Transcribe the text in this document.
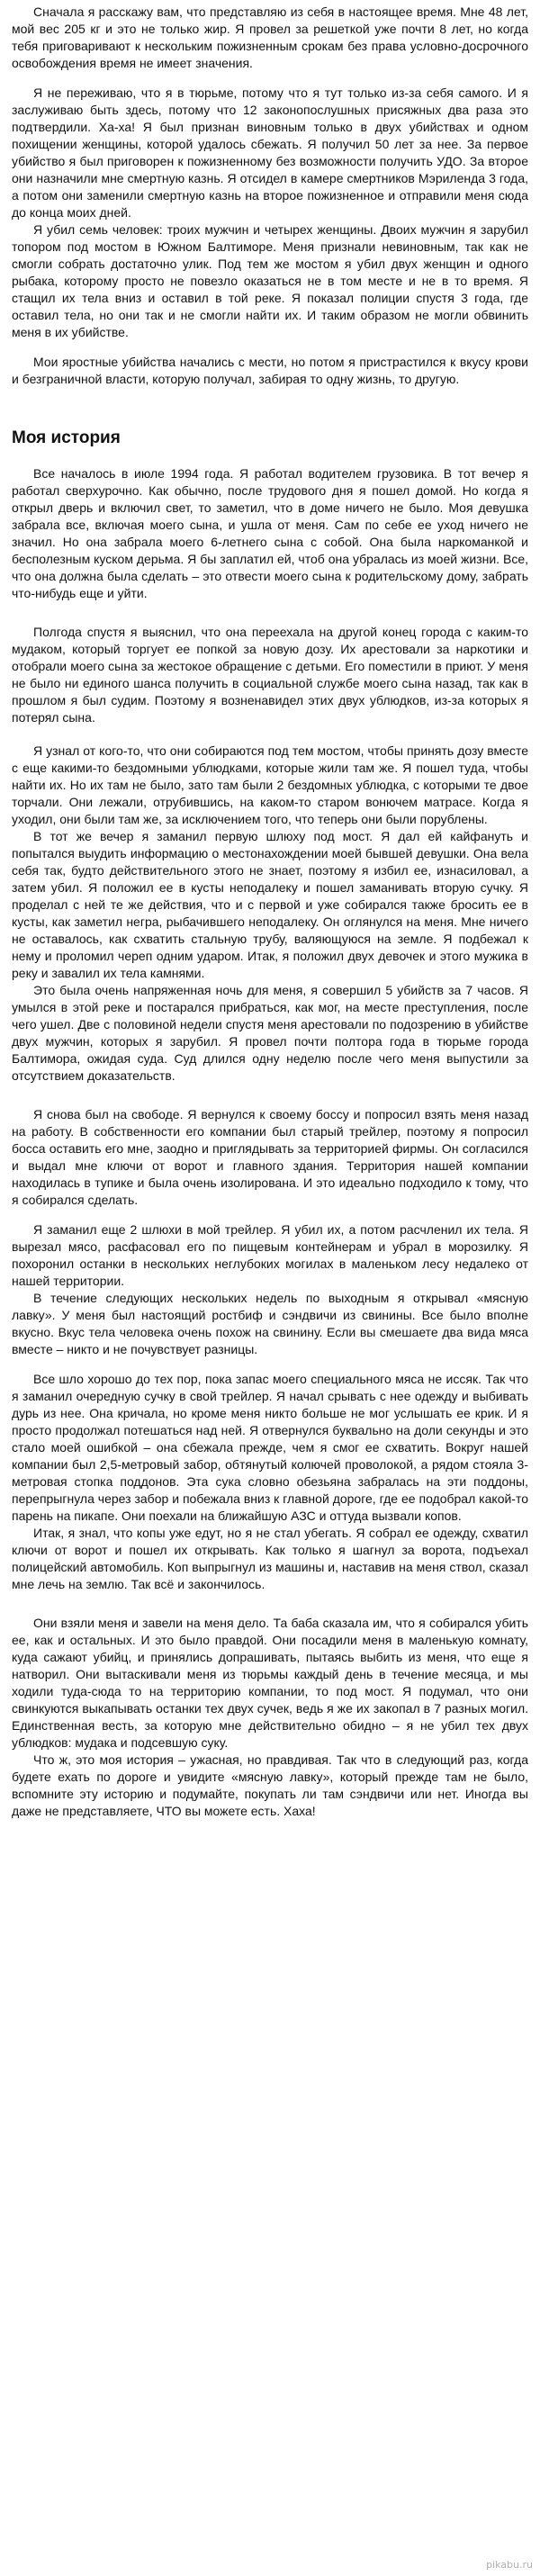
Сначала я расскажу вам, что представляю из себя в настоящее время. Мне 48 лет, мой вес 205 кг и это не только жир. Я провел за решеткой уже почти 8 лет, но когда тебя приговаривают к нескольким пожизненным срокам без права условно-досрочного освобождения время не имеет значения.

Я не переживаю, что я в тюрьме, потому что я тут только из-за себя самого. И я заслуживаю быть здесь, потому что 12 законопослушных присяжных два раза это подтвердили. Ха-ха! Я был признан виновным только в двух убийствах и одном похищении женщины, которой удалось сбежать. Я получил 50 лет за нее. За первое убийство я был приговорен к пожизненному без возможности получить УДО. За второе они назначили мне смертную казнь. Я отсидел в камере смертников Мэриленда 3 года, а потом они заменили смертную казнь на второе пожизненное и отправили меня сюда до конца моих дней.

Я убил семь человек: троих мужчин и четырех женщины. Двоих мужчин я зарубил топором под мостом в Южном Балтиморе. Меня признали невиновным, так как не смогли собрать достаточно улик. Под тем же мостом я убил двух женщин и одного рыбака, которому просто не повезло оказаться не в том месте и не в то время. Я стащил их тела вниз и оставил в той реке. Я показал полиции спустя 3 года, где оставил тела, но они так и не смогли найти их. И таким образом не могли обвинить меня в их убийстве.

Мои яростные убийства начались с мести, но потом я пристрастился к вкусу крови и безграничной власти, которую получал, забирая то одну жизнь, то другую.

Моя история

Все началось в июле 1994 года. Я работал водителем грузовика. В тот вечер я работал сверхурочно. Как обычно, после трудового дня я пошел домой. Но когда я открыл дверь и включил свет, то заметил, что в доме ничего не было. Моя девушка забрала все, включая моего сына, и ушла от меня. Сам по себе ее уход ничего не значил. Но она забрала моего 6-летнего сына с собой. Она была наркоманкой и бесполезным куском дерьма. Я бы заплатил ей, чтоб она убралась из моей жизни. Все, что она должна была сделать – это отвести моего сына к родительскому дому, забрать что-нибудь еще и уйти.

Полгода спустя я выяснил, что она переехала на другой конец города с каким-то мудаком, который торгует ее попкой за новую дозу. Их арестовали за наркотики и отобрали моего сына за жестокое обращение с детьми. Его поместили в приют. У меня не было ни единого шанса получить в социальной службе моего сына назад, так как в прошлом я был судим. Поэтому я возненавидел этих двух ублюдков, из-за которых я потерял сына.

Я узнал от кого-то, что они собираются под тем мостом, чтобы принять дозу вместе с еще какими-то бездомными ублюдками, которые жили там же. Я пошел туда, чтобы найти их. Но их там не было, зато там были 2 бездомных ублюдка, с которыми те двое торчали. Они лежали, отрубившись, на каком-то старом вонючем матрасе. Когда я уходил, они были там же, за исключением того, что теперь они были порублены.

В тот же вечер я заманил первую шлюху под мост. Я дал ей кайфануть и попытался выудить информацию о местонахождении моей бывшей девушки. Она вела себя так, будто действительного этого не знает, поэтому я избил ее, изнасиловал, а затем убил. Я положил ее в кусты неподалеку и пошел заманивать вторую сучку. Я проделал с ней те же действия, что и с первой и уже собирался также бросить ее в кусты, как заметил негра, рыбачившего неподалеку. Он оглянулся на меня. Мне ничего не оставалось, как схватить стальную трубу, валяющуюся на земле. Я подбежал к нему и проломил череп одним ударом. Итак, я положил двух девочек и этого мужика в реку и завалил их тела камнями.

Это была очень напряженная ночь для меня, я совершил 5 убийств за 7 часов. Я умылся в этой реке и постарался прибраться, как мог, на месте преступления, после чего ушел. Две с половиной недели спустя меня арестовали по подозрению в убийстве двух мужчин, которых я зарубил. Я провел почти полтора года в тюрьме города Балтимора, ожидая суда. Суд длился одну неделю после чего меня выпустили за отсутствием доказательств.

Я снова был на свободе. Я вернулся к своему боссу и попросил взять меня назад на работу. В собственности его компании был старый трейлер, поэтому я попросил босса оставить его мне, заодно и приглядывать за территорией фирмы. Он согласился и выдал мне ключи от ворот и главного здания. Территория нашей компании находилась в тупике и была очень изолирована. И это идеально подходило к тому, что я собирался сделать.

Я заманил еще 2 шлюхи в мой трейлер. Я убил их, а потом расчленил их тела. Я вырезал мясо, расфасовал его по пищевым контейнерам и убрал в морозилку. Я похоронил останки в нескольких неглубоких могилах в маленьком лесу недалеко от нашей территории.

В течение следующих нескольких недель по выходным я открывал «мясную лавку». У меня был настоящий ростбиф и сэндвичи из свинины. Все было вполне вкусно. Вкус тела человека очень похож на свинину. Если вы смешаете два вида мяса вместе – никто и не почувствует разницы.

Все шло хорошо до тех пор, пока запас моего специального мяса не иссяк. Так что я заманил очередную сучку в свой трейлер. Я начал срывать с нее одежду и выбивать дурь из нее. Она кричала, но кроме меня никто больше не мог услышать ее крик. И я просто продолжал потешаться над ней. Я отвернулся буквально на доли секунды и это стало моей ошибкой – она сбежала прежде, чем я смог ее схватить. Вокруг нашей компании был 2,5-метровый забор, обтянутый колючей проволокой, а рядом стояла 3-метровая стопка поддонов. Эта сука словно обезьяна забралась на эти поддоны, перепрыгнула через забор и побежала вниз к главной дороге, где ее подобрал какой-то парень на пикапе. Они поехали на ближайшую АЗС и оттуда вызвали копов.

Итак, я знал, что копы уже едут, но я не стал убегать. Я собрал ее одежду, схватил ключи от ворот и пошел их открывать. Как только я шагнул за ворота, подъехал полицейский автомобиль. Коп выпрыгнул из машины и, наставив на меня ствол, сказал мне лечь на землю. Так всё и закончилось.

Они взяли меня и завели на меня дело. Та баба сказала им, что я собирался убить ее, как и остальных. И это было правдой. Они посадили меня в маленькую комнату, куда сажают убийц, и принялись допрашивать, пытаясь выбить из меня, что еще я натворил. Они вытаскивали меня из тюрьмы каждый день в течение месяца, и мы ходили туда-сюда то на территорию компании, то под мост. Я подумал, что они свинкуются выкапывать останки тех двух сучек, ведь я же их закопал в 7 разных могил. Единственная весть, за которую мне действительно обидно – я не убил тех двух ублюдков: мудака и подсевшую суку.

Что ж, это моя история – ужасная, но правдивая. Так что в следующий раз, когда будете ехать по дороге и увидите «мясную лавку», который прежде там не было, вспомните эту историю и подумайте, покупать ли там сэндвичи или нет. Иногда вы даже не представляете, ЧТО вы можете есть. Хаха!

pikabu.ru
